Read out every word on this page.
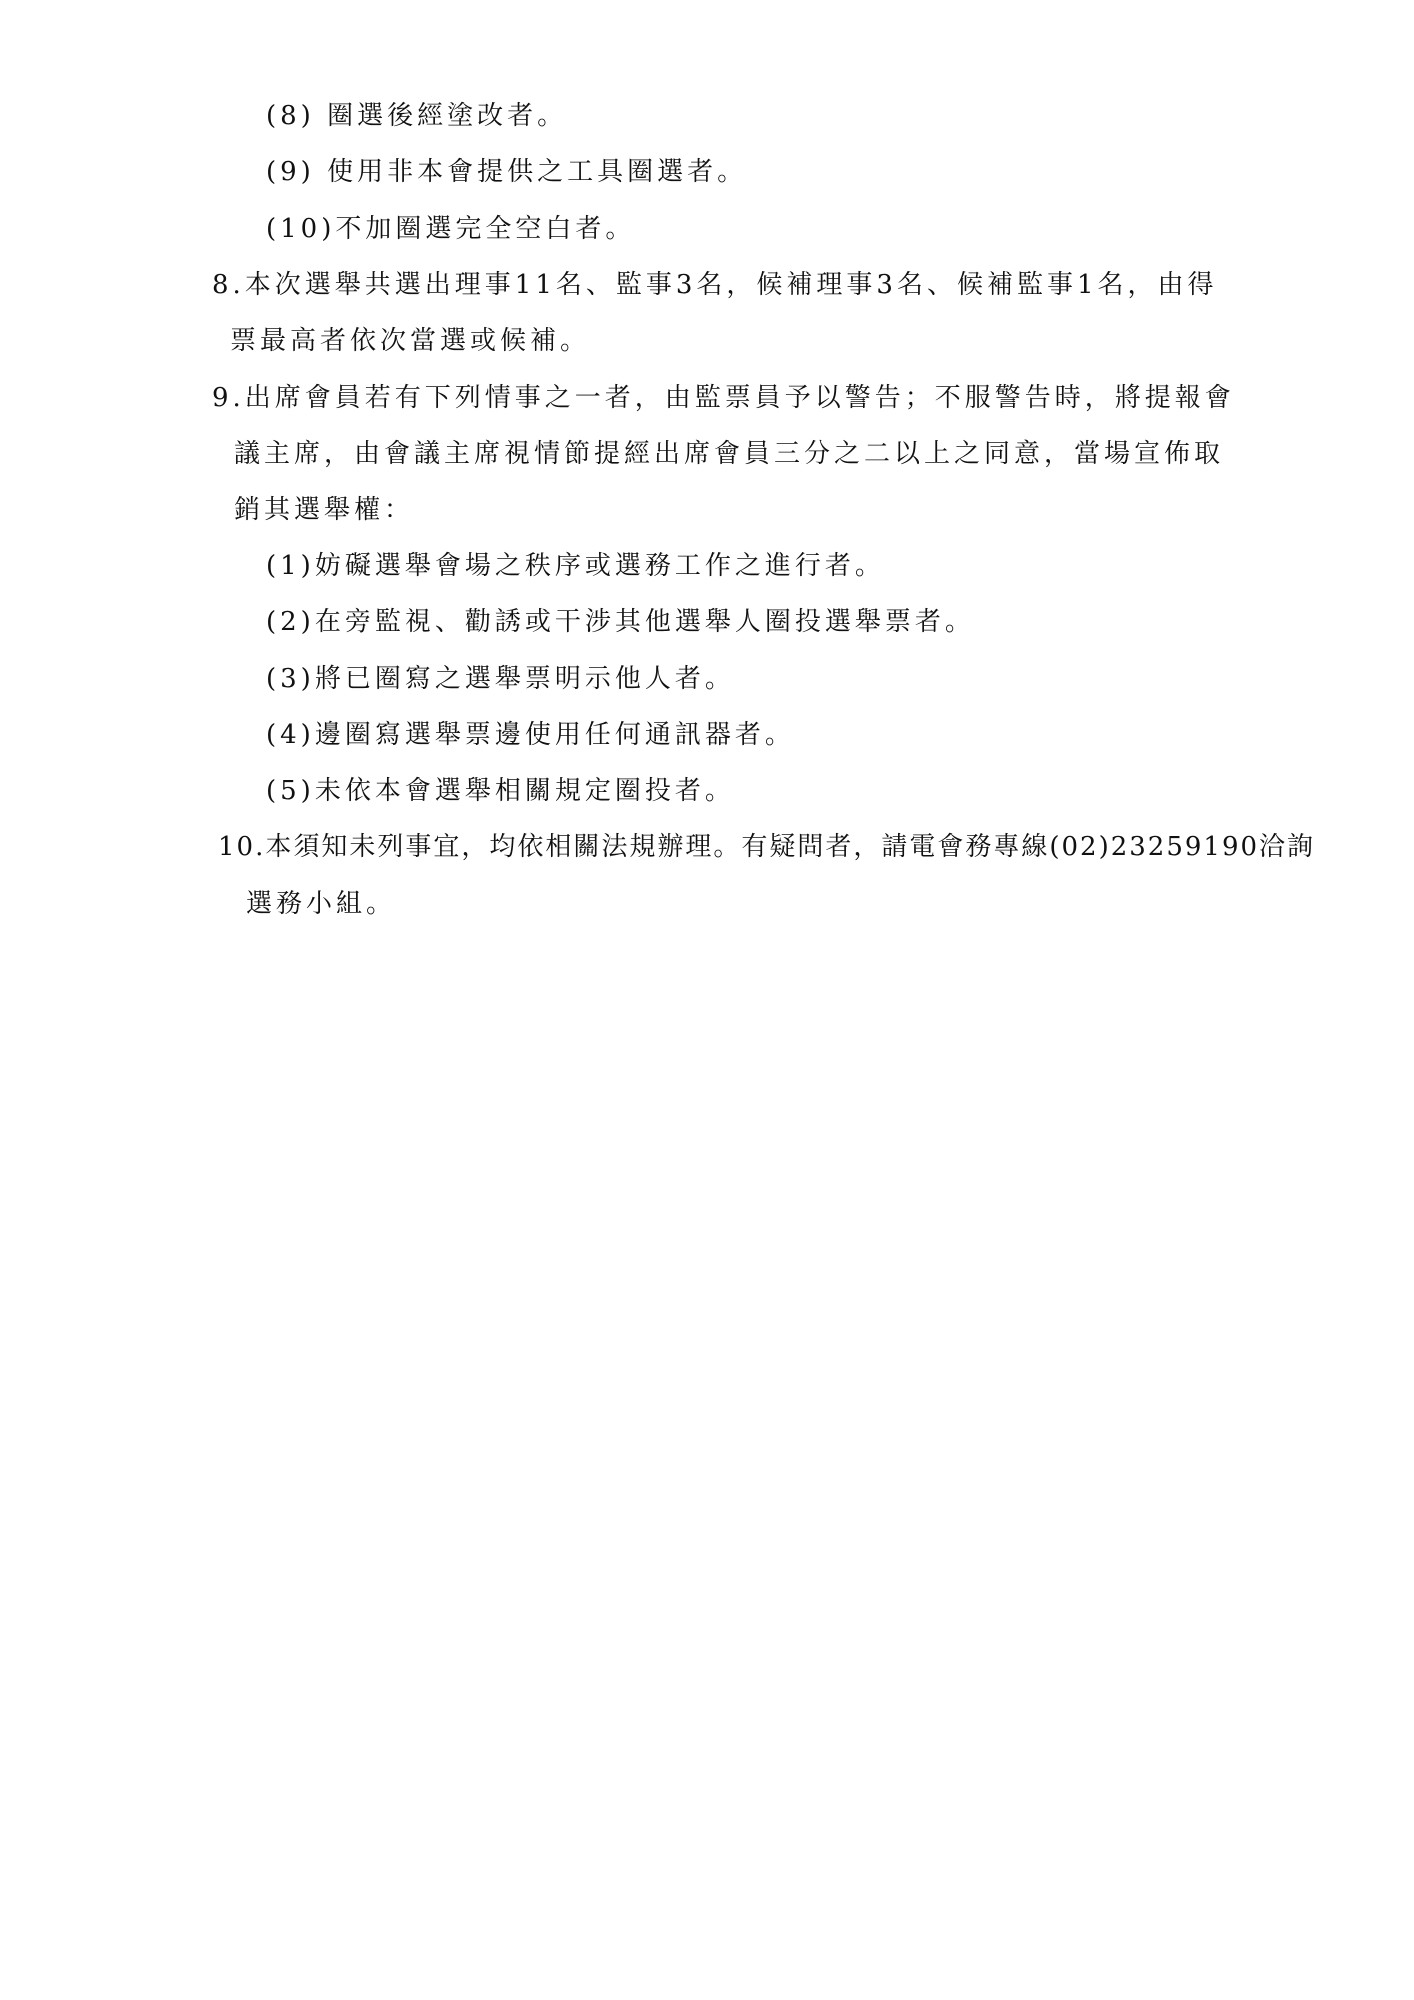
(8) 圈選後經塗改者。
(9) 使用非本會提供之工具圈選者。
(10)不加圈選完全空白者。
8.本次選舉共選出理事11名、監事3名，候補理事3名、候補監事1名，由得
票最高者依次當選或候補。
9.出席會員若有下列情事之一者，由監票員予以警告；不服警告時，將提報會
議主席，由會議主席視情節提經出席會員三分之二以上之同意，當場宣佈取
銷其選舉權：
(1)妨礙選舉會場之秩序或選務工作之進行者。
(2)在旁監視、勸誘或干涉其他選舉人圈投選舉票者。
(3)將已圈寫之選舉票明示他人者。
(4)邊圈寫選舉票邊使用任何通訊器者。
(5)未依本會選舉相關規定圈投者。
10.本須知未列事宜，均依相關法規辦理。有疑問者，請電會務專線(02)23259190洽詢
選務小組。
